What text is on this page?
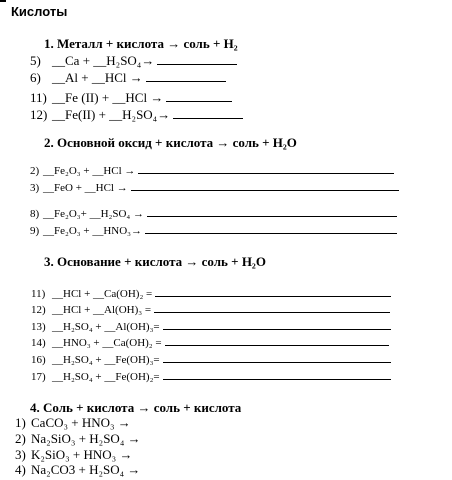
Кислоты
1. Металл + кислота → соль + H₂
5) __Ca + __H₂SO₄→
6) __Al + __HCl →
11) __Fe (II) + __HCl →
12) __Fe(II) + __H₂SO₄→
2. Основной оксид + кислота → соль + H₂O
2) __Fe₂O₃ + __HCl →
3) __FeO + __HCl →
8) __Fe₂O₃+ __H₂SO₄ →
9) __Fe₂O₃ + __HNO₃→
3. Основание + кислота → соль + H₂O
11) __HCl + __Ca(OH)₂ =
12) __HCl + __Al(OH)₃ =
13) __H₂SO₄ + __Al(OH)₃=
14) __HNO₃ + __Ca(OH)₂ =
16) __H₂SO₄ + __Fe(OH)₃=
17) __H₂SO₄ + __Fe(OH)₂=
4. Соль + кислота → соль + кислота
1) CaCO₃ + HNO₃ →
2) Na₂SiO₃ + H₂SO₄ →
3) K₂SiO₃ + HNO₃ →
4) Na₂CO3 + H₂SO₄ →
